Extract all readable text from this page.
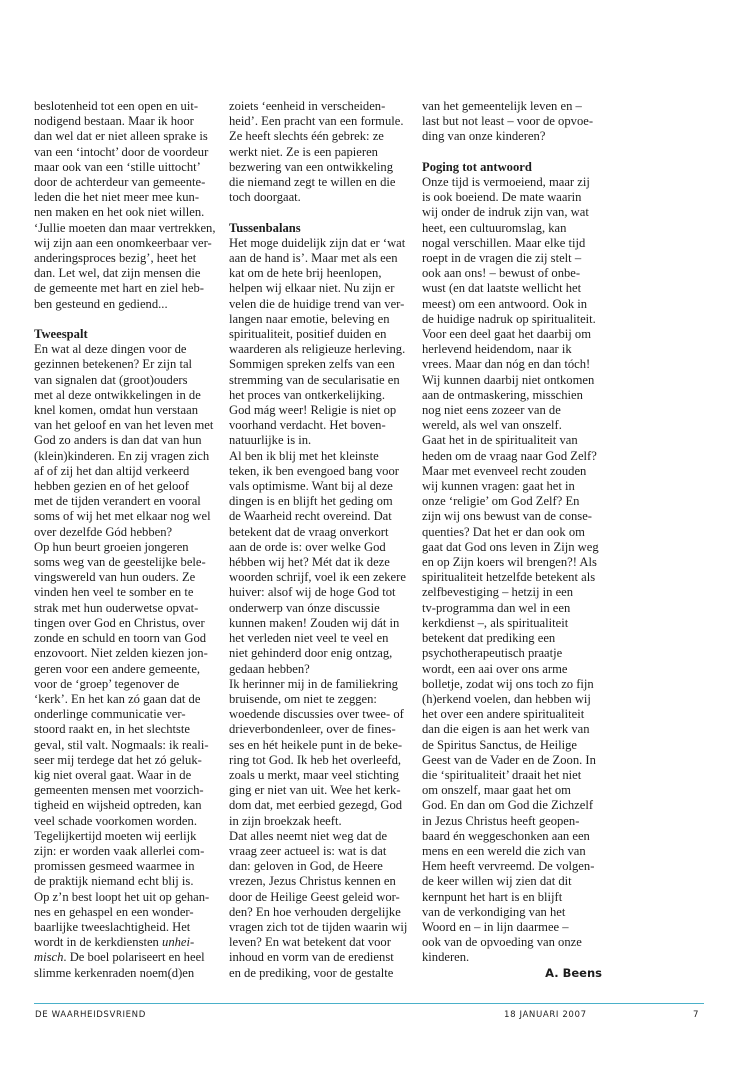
beslotenheid tot een open en uit-
nodigend bestaan. Maar ik hoor
dan wel dat er niet alleen sprake is
van een ‘intocht’ door de voordeur
maar ook van een ‘stille uittocht’
door de achterdeur van gemeente-
leden die het niet meer mee kun-
nen maken en het ook niet willen.
‘Jullie moeten dan maar vertrekken,
wij zijn aan een onomkeerbaar ver-
anderingsproces bezig’, heet het
dan. Let wel, dat zijn mensen die
de gemeente met hart en ziel heb-
ben gesteund en gediend...
Tweespalt
En wat al deze dingen voor de
gezinnen betekenen? Er zijn tal
van signalen dat (groot)ouders
met al deze ontwikkelingen in de
knel komen, omdat hun verstaan
van het geloof en van het leven met
God zo anders is dan dat van hun
(klein)kinderen. En zij vragen zich
af of zij het dan altijd verkeerd
hebben gezien en of het geloof
met de tijden verandert en vooral
soms of wij het met elkaar nog wel
over dezelfde Gód hebben?
Op hun beurt groeien jongeren
soms weg van de geestelijke bele-
vingswereld van hun ouders. Ze
vinden hen veel te somber en te
strak met hun ouderwetse opvat-
tingen over God en Christus, over
zonde en schuld en toorn van God
enzovoort. Niet zelden kiezen jon-
geren voor een andere gemeente,
voor de ‘groep’ tegenover de
‘kerk’. En het kan zó gaan dat de
onderlinge communicatie ver-
stoord raakt en, in het slechtste
geval, stil valt. Nogmaals: ik reali-
seer mij terdege dat het zó geluk-
kig niet overal gaat. Waar in de
gemeenten mensen met voorzich-
tigheid en wijsheid optreden, kan
veel schade voorkomen worden.
Tegelijkertijd moeten wij eerlijk
zijn: er worden vaak allerlei com-
promissen gesmeed waarmee in
de praktijk niemand echt blij is.
Op z’n best loopt het uit op gehan-
nes en gehaspel en een wonder-
baarlijke tweeslachtigheid. Het
wordt in de kerkdiensten unhei-
misch. De boel polariseert en heel
slimme kerkenraden noem(d)en
zoiets ‘eenheid in verscheiden-
heid’. Een pracht van een formule.
Ze heeft slechts één gebrek: ze
werkt niet. Ze is een papieren
bezwering van een ontwikkeling
die niemand zegt te willen en die
toch doorgaat.
Tussenbalans
Het moge duidelijk zijn dat er ‘wat
aan de hand is’. Maar met als een
kat om de hete brij heenlopen,
helpen wij elkaar niet. Nu zijn er
velen die de huidige trend van ver-
langen naar emotie, beleving en
spiritualiteit, positief duiden en
waarderen als religieuze herleving.
Sommigen spreken zelfs van een
stremming van de secularisatie en
het proces van ontkerkelijking.
God mág weer! Religie is niet op
voorhand verdacht. Het boven-
natuurlijke is in.
Al ben ik blij met het kleinste
teken, ik ben evengoed bang voor
vals optimisme. Want bij al deze
dingen is en blijft het geding om
de Waarheid recht overeind. Dat
betekent dat de vraag onverkort
aan de orde is: over welke God
hébben wij het? Mét dat ik deze
woorden schrijf, voel ik een zekere
huiver: alsof wij de hoge God tot
onderwerp van ónze discussie
kunnen maken! Zouden wij dát in
het verleden niet veel te veel en
niet gehinderd door enig ontzag,
gedaan hebben?
Ik herinner mij in de familiekring
bruisende, om niet te zeggen:
woedende discussies over twee- of
drieverbondenleer, over de fines-
ses en hét heikele punt in de beke-
ring tot God. Ik heb het overleefd,
zoals u merkt, maar veel stichting
ging er niet van uit. Wee het kerk-
dom dat, met eerbied gezegd, God
in zijn broekzak heeft.
Dat alles neemt niet weg dat de
vraag zeer actueel is: wat is dat
dan: geloven in God, de Heere
vrezen, Jezus Christus kennen en
door de Heilige Geest geleid wor-
den? En hoe verhouden dergelijke
vragen zich tot de tijden waarin wij
leven? En wat betekent dat voor
inhoud en vorm van de eredienst
en de prediking, voor de gestalte
van het gemeentelijk leven en –
last but not least – voor de opvoe-
ding van onze kinderen?
Poging tot antwoord
Onze tijd is vermoeiend, maar zij
is ook boeiend. De mate waarin
wij onder de indruk zijn van, wat
heet, een cultuuromslag, kan
nogal verschillen. Maar elke tijd
roept in de vragen die zij stelt –
ook aan ons! – bewust of onbe-
wust (en dat laatste wellicht het
meest) om een antwoord. Ook in
de huidige nadruk op spiritualiteit.
Voor een deel gaat het daarbij om
herlevend heidendom, naar ik
vrees. Maar dan nóg en dan tóch!
Wij kunnen daarbij niet ontkomen
aan de ontmaskering, misschien
nog niet eens zozeer van de
wereld, als wel van onszelf.
Gaat het in de spiritualiteit van
heden om de vraag naar God Zelf?
Maar met evenveel recht zouden
wij kunnen vragen: gaat het in
onze ‘religie’ om God Zelf? En
zijn wij ons bewust van de conse-
quenties? Dat het er dan ook om
gaat dat God ons leven in Zijn weg
en op Zijn koers wil brengen?! Als
spiritualiteit hetzelfde betekent als
zelfbevestiging – hetzij in een
tv-programma dan wel in een
kerkdienst –, als spiritualiteit
betekent dat prediking een
psychotherapeutisch praatje
wordt, een aai over ons arme
bolletje, zodat wij ons toch zo fijn
(h)erkend voelen, dan hebben wij
het over een andere spiritualiteit
dan die eigen is aan het werk van
de Spiritus Sanctus, de Heilige
Geest van de Vader en de Zoon. In
die ‘spiritualiteit’ draait het niet
om onszelf, maar gaat het om
God. En dan om God die Zichzelf
in Jezus Christus heeft geopen-
baard én weggeschonken aan een
mens en een wereld die zich van
Hem heeft vervreemd. De volgen-
de keer willen wij zien dat dit
kernpunt het hart is en blijft
van de verkondiging van het
Woord en – in lijn daarmee –
ook van de opvoeding van onze
kinderen.
A. Beens
DE WAARHEIDSVRIEND	18 JANUARI 2007	7
